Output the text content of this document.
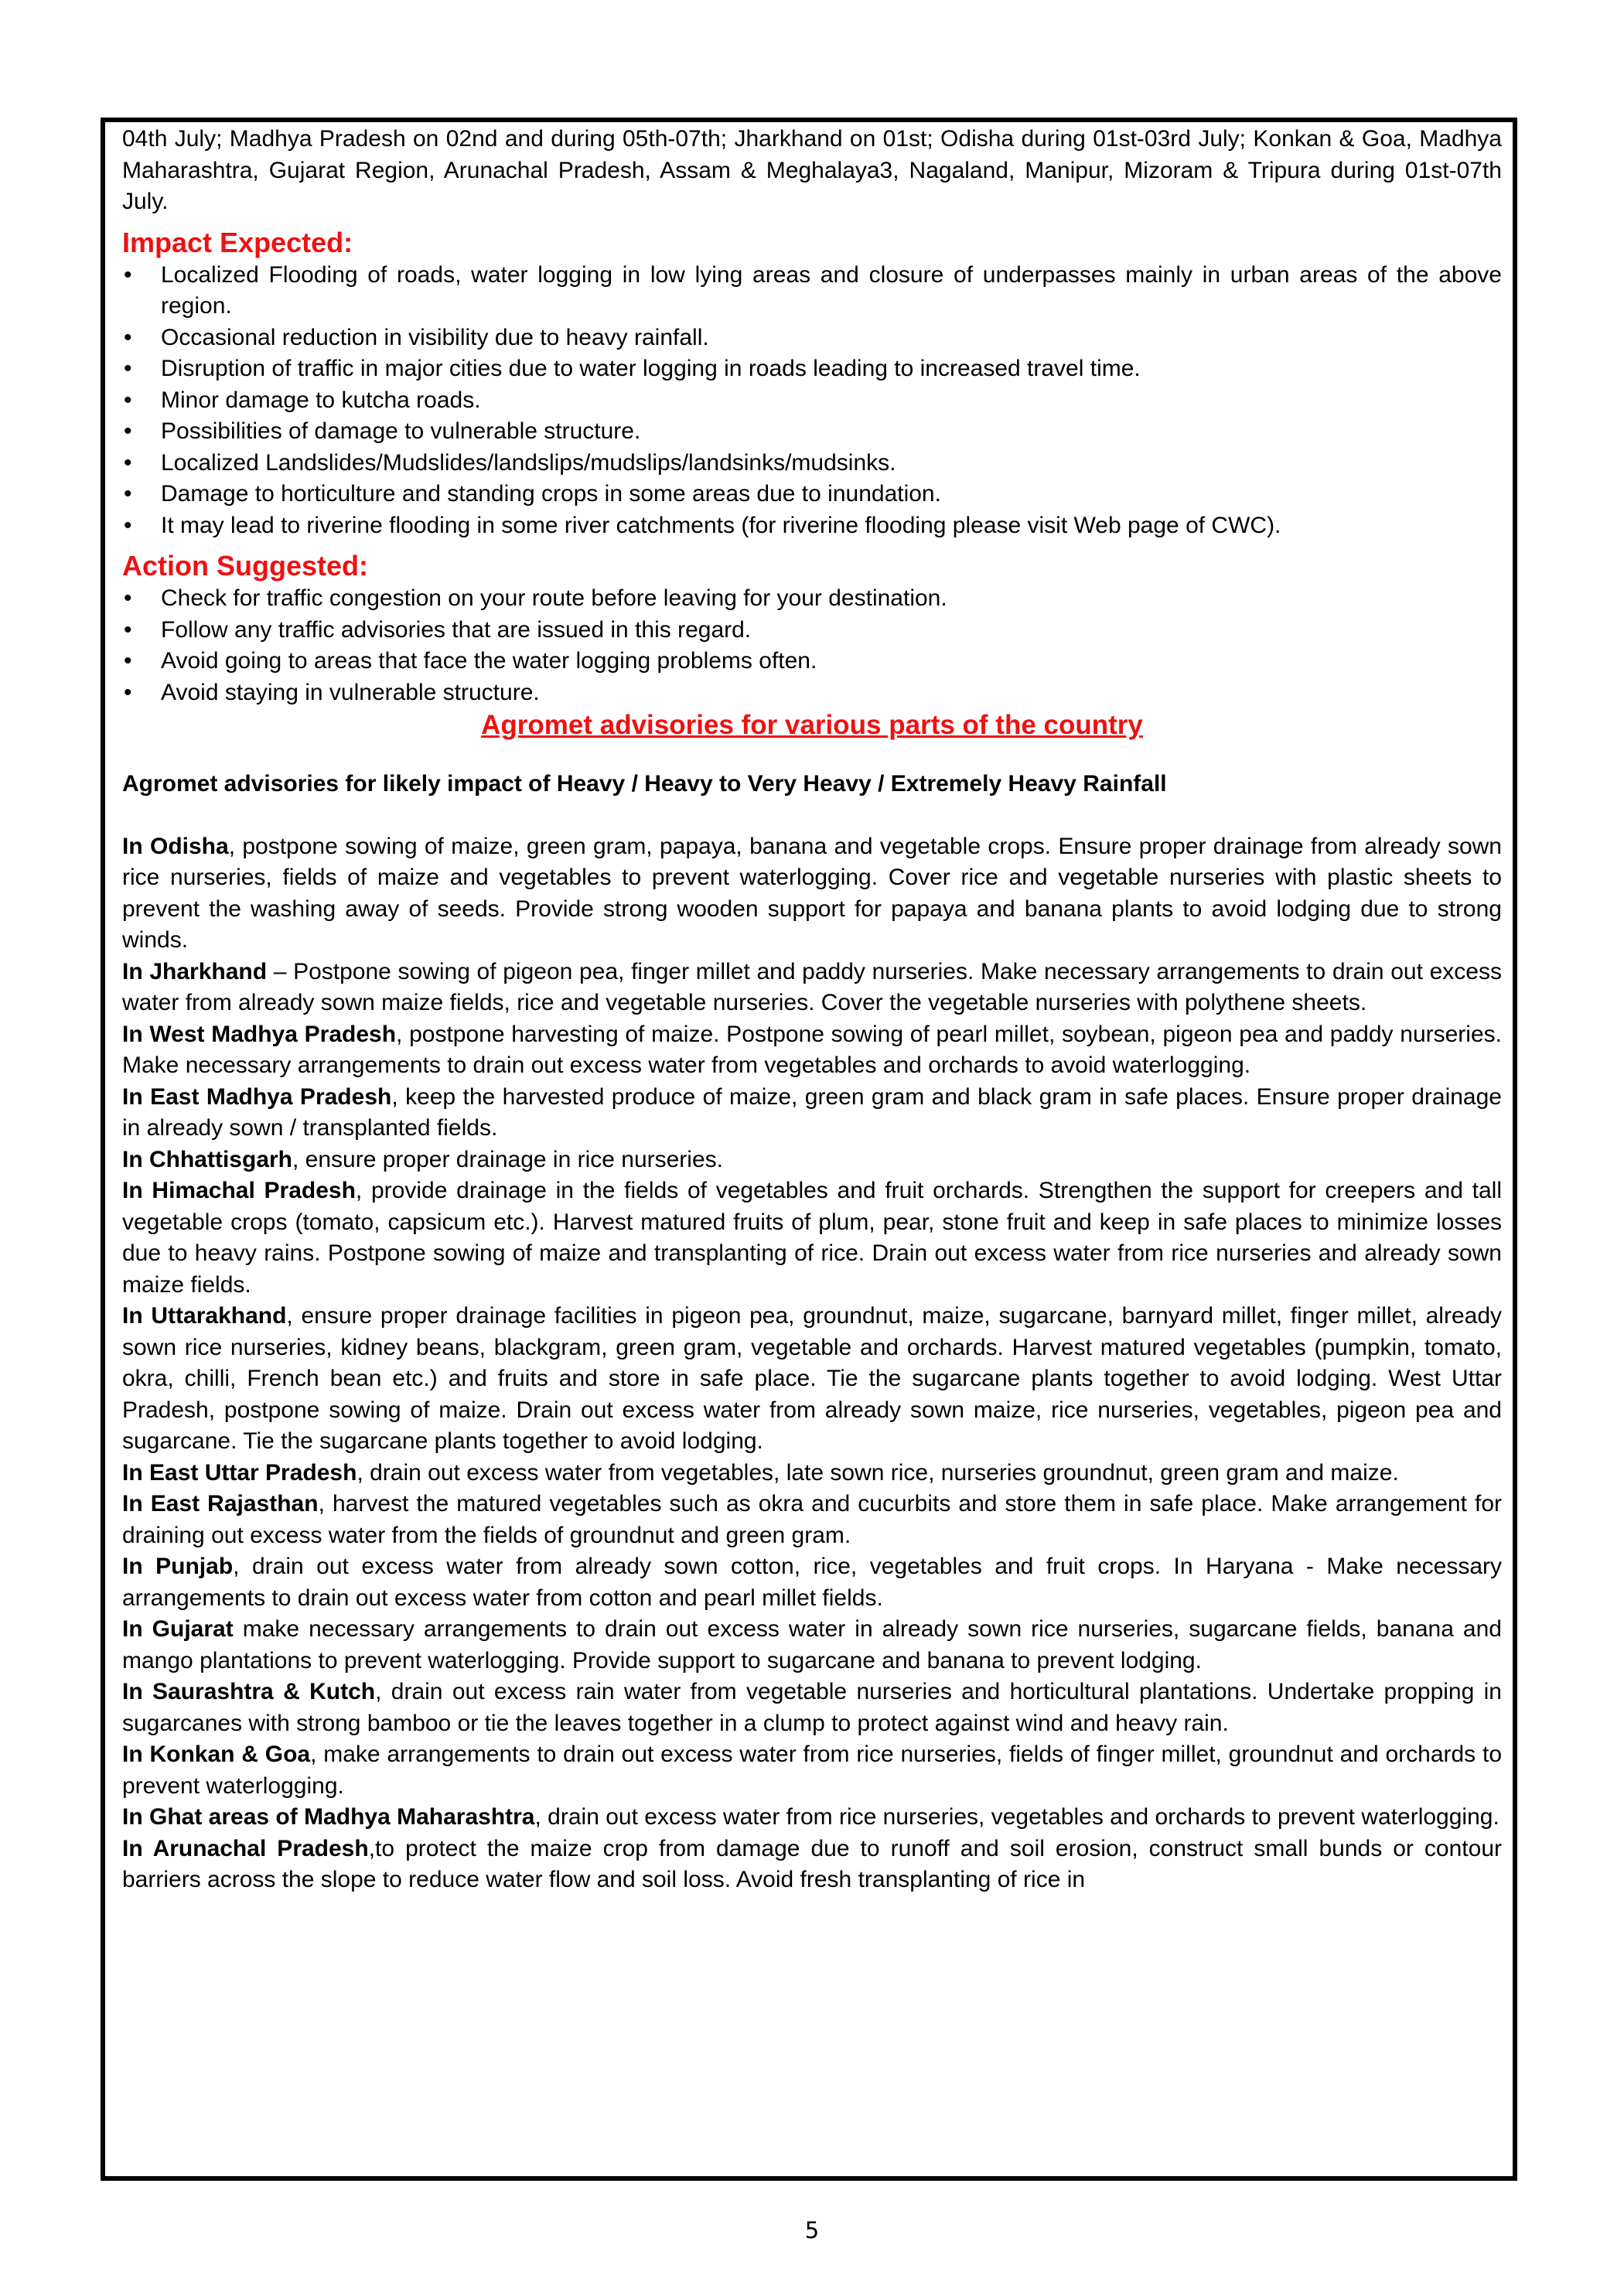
04th July; Madhya Pradesh on 02nd and during 05th-07th; Jharkhand on 01st; Odisha during 01st-03rd July; Konkan & Goa, Madhya Maharashtra, Gujarat Region, Arunachal Pradesh, Assam & Meghalaya3, Nagaland, Manipur, Mizoram & Tripura during 01st-07th July.

Impact Expected:
• Localized Flooding of roads, water logging in low lying areas and closure of underpasses mainly in urban areas of the above region.
• Occasional reduction in visibility due to heavy rainfall.
• Disruption of traffic in major cities due to water logging in roads leading to increased travel time.
• Minor damage to kutcha roads.
• Possibilities of damage to vulnerable structure.
• Localized Landslides/Mudslides/landslips/mudslips/landsinks/mudsinks.
• Damage to horticulture and standing crops in some areas due to inundation.
• It may lead to riverine flooding in some river catchments (for riverine flooding please visit Web page of CWC).
Action Suggested:
• Check for traffic congestion on your route before leaving for your destination.
• Follow any traffic advisories that are issued in this regard.
• Avoid going to areas that face the water logging problems often.
• Avoid staying in vulnerable structure.
Agromet advisories for various parts of the country

Agromet advisories for likely impact of Heavy / Heavy to Very Heavy / Extremely Heavy Rainfall

In Odisha, postpone sowing of maize, green gram, papaya, banana and vegetable crops. Ensure proper drainage from already sown rice nurseries, fields of maize and vegetables to prevent waterlogging. Cover rice and vegetable nurseries with plastic sheets to prevent the washing away of seeds. Provide strong wooden support for papaya and banana plants to avoid lodging due to strong winds.

In Jharkhand – Postpone sowing of pigeon pea, finger millet and paddy nurseries. Make necessary arrangements to drain out excess water from already sown maize fields, rice and vegetable nurseries. Cover the vegetable nurseries with polythene sheets.

In West Madhya Pradesh, postpone harvesting of maize. Postpone sowing of pearl millet, soybean, pigeon pea and paddy nurseries. Make necessary arrangements to drain out excess water from vegetables and orchards to avoid waterlogging.

In East Madhya Pradesh, keep the harvested produce of maize, green gram and black gram in safe places. Ensure proper drainage in already sown / transplanted fields.

In Chhattisgarh, ensure proper drainage in rice nurseries.

In Himachal Pradesh, provide drainage in the fields of vegetables and fruit orchards. Strengthen the support for creepers and tall vegetable crops (tomato, capsicum etc.). Harvest matured fruits of plum, pear, stone fruit and keep in safe places to minimize losses due to heavy rains. Postpone sowing of maize and transplanting of rice. Drain out excess water from rice nurseries and already sown maize fields.

In Uttarakhand, ensure proper drainage facilities in pigeon pea, groundnut, maize, sugarcane, barnyard millet, finger millet, already sown rice nurseries, kidney beans, blackgram, green gram, vegetable and orchards. Harvest matured vegetables (pumpkin, tomato, okra, chilli, French bean etc.) and fruits and store in safe place. Tie the sugarcane plants together to avoid lodging. West Uttar Pradesh, postpone sowing of maize. Drain out excess water from already sown maize, rice nurseries, vegetables, pigeon pea and sugarcane. Tie the sugarcane plants together to avoid lodging.

In East Uttar Pradesh, drain out excess water from vegetables, late sown rice, nurseries groundnut, green gram and maize.

In East Rajasthan, harvest the matured vegetables such as okra and cucurbits and store them in safe place. Make arrangement for draining out excess water from the fields of groundnut and green gram.

In Punjab, drain out excess water from already sown cotton, rice, vegetables and fruit crops. In Haryana - Make necessary arrangements to drain out excess water from cotton and pearl millet fields.

In Gujarat make necessary arrangements to drain out excess water in already sown rice nurseries, sugarcane fields, banana and mango plantations to prevent waterlogging. Provide support to sugarcane and banana to prevent lodging.

In Saurashtra & Kutch, drain out excess rain water from vegetable nurseries and horticultural plantations. Undertake propping in sugarcanes with strong bamboo or tie the leaves together in a clump to protect against wind and heavy rain.

In Konkan & Goa, make arrangements to drain out excess water from rice nurseries, fields of finger millet, groundnut and orchards to prevent waterlogging.

In Ghat areas of Madhya Maharashtra, drain out excess water from rice nurseries, vegetables and orchards to prevent waterlogging.

In Arunachal Pradesh,to protect the maize crop from damage due to runoff and soil erosion, construct small bunds or contour barriers across the slope to reduce water flow and soil loss. Avoid fresh transplanting of rice in

5
